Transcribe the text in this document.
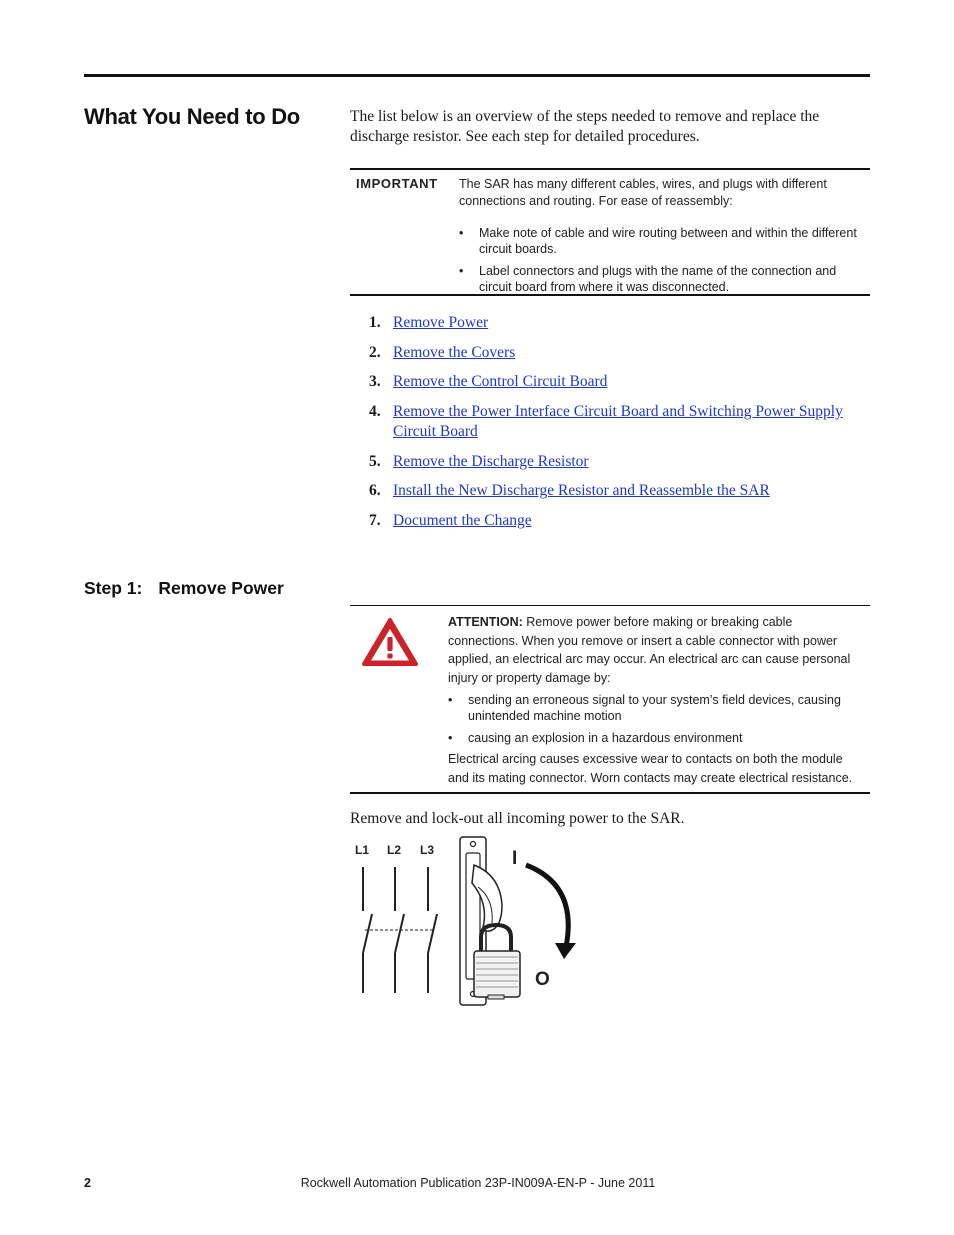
What You Need to Do	The list below is an overview of the steps needed to remove and replace the discharge resistor. See each step for detailed procedures.

IMPORTANT The SAR has many different cables, wires, and plugs with different connections and routing. For ease of reassembly:

• Make note of cable and wire routing between and within the different circuit boards.
• Label connectors and plugs with the name of the connection and circuit board from where it was disconnected.
1. Remove Power
2. Remove the Covers
3. Remove the Control Circuit Board
4. Remove the Power Interface Circuit Board and Switching Power Supply Circuit Board
5. Remove the Discharge Resistor
6. Install the New Discharge Resistor and Reassemble the SAR
7. Document the Change
Step 1: Remove Power

ATTENTION: Remove power before making or breaking cable connections. When you remove or insert a cable connector with power applied, an electrical arc may occur. An electrical arc can cause personal injury or property damage by:

• sending an erroneous signal to your system’s field devices, causing unintended machine motion
• causing an explosion in a hazardous environment

Electrical arcing causes excessive wear to contacts on both the module and its mating connector. Worn contacts may create electrical resistance.

Remove and lock-out all incoming power to the SAR.

L1 L2 L3	I
O
2	Rockwell Automation Publication 23P-IN009A-EN-P - June 2011
